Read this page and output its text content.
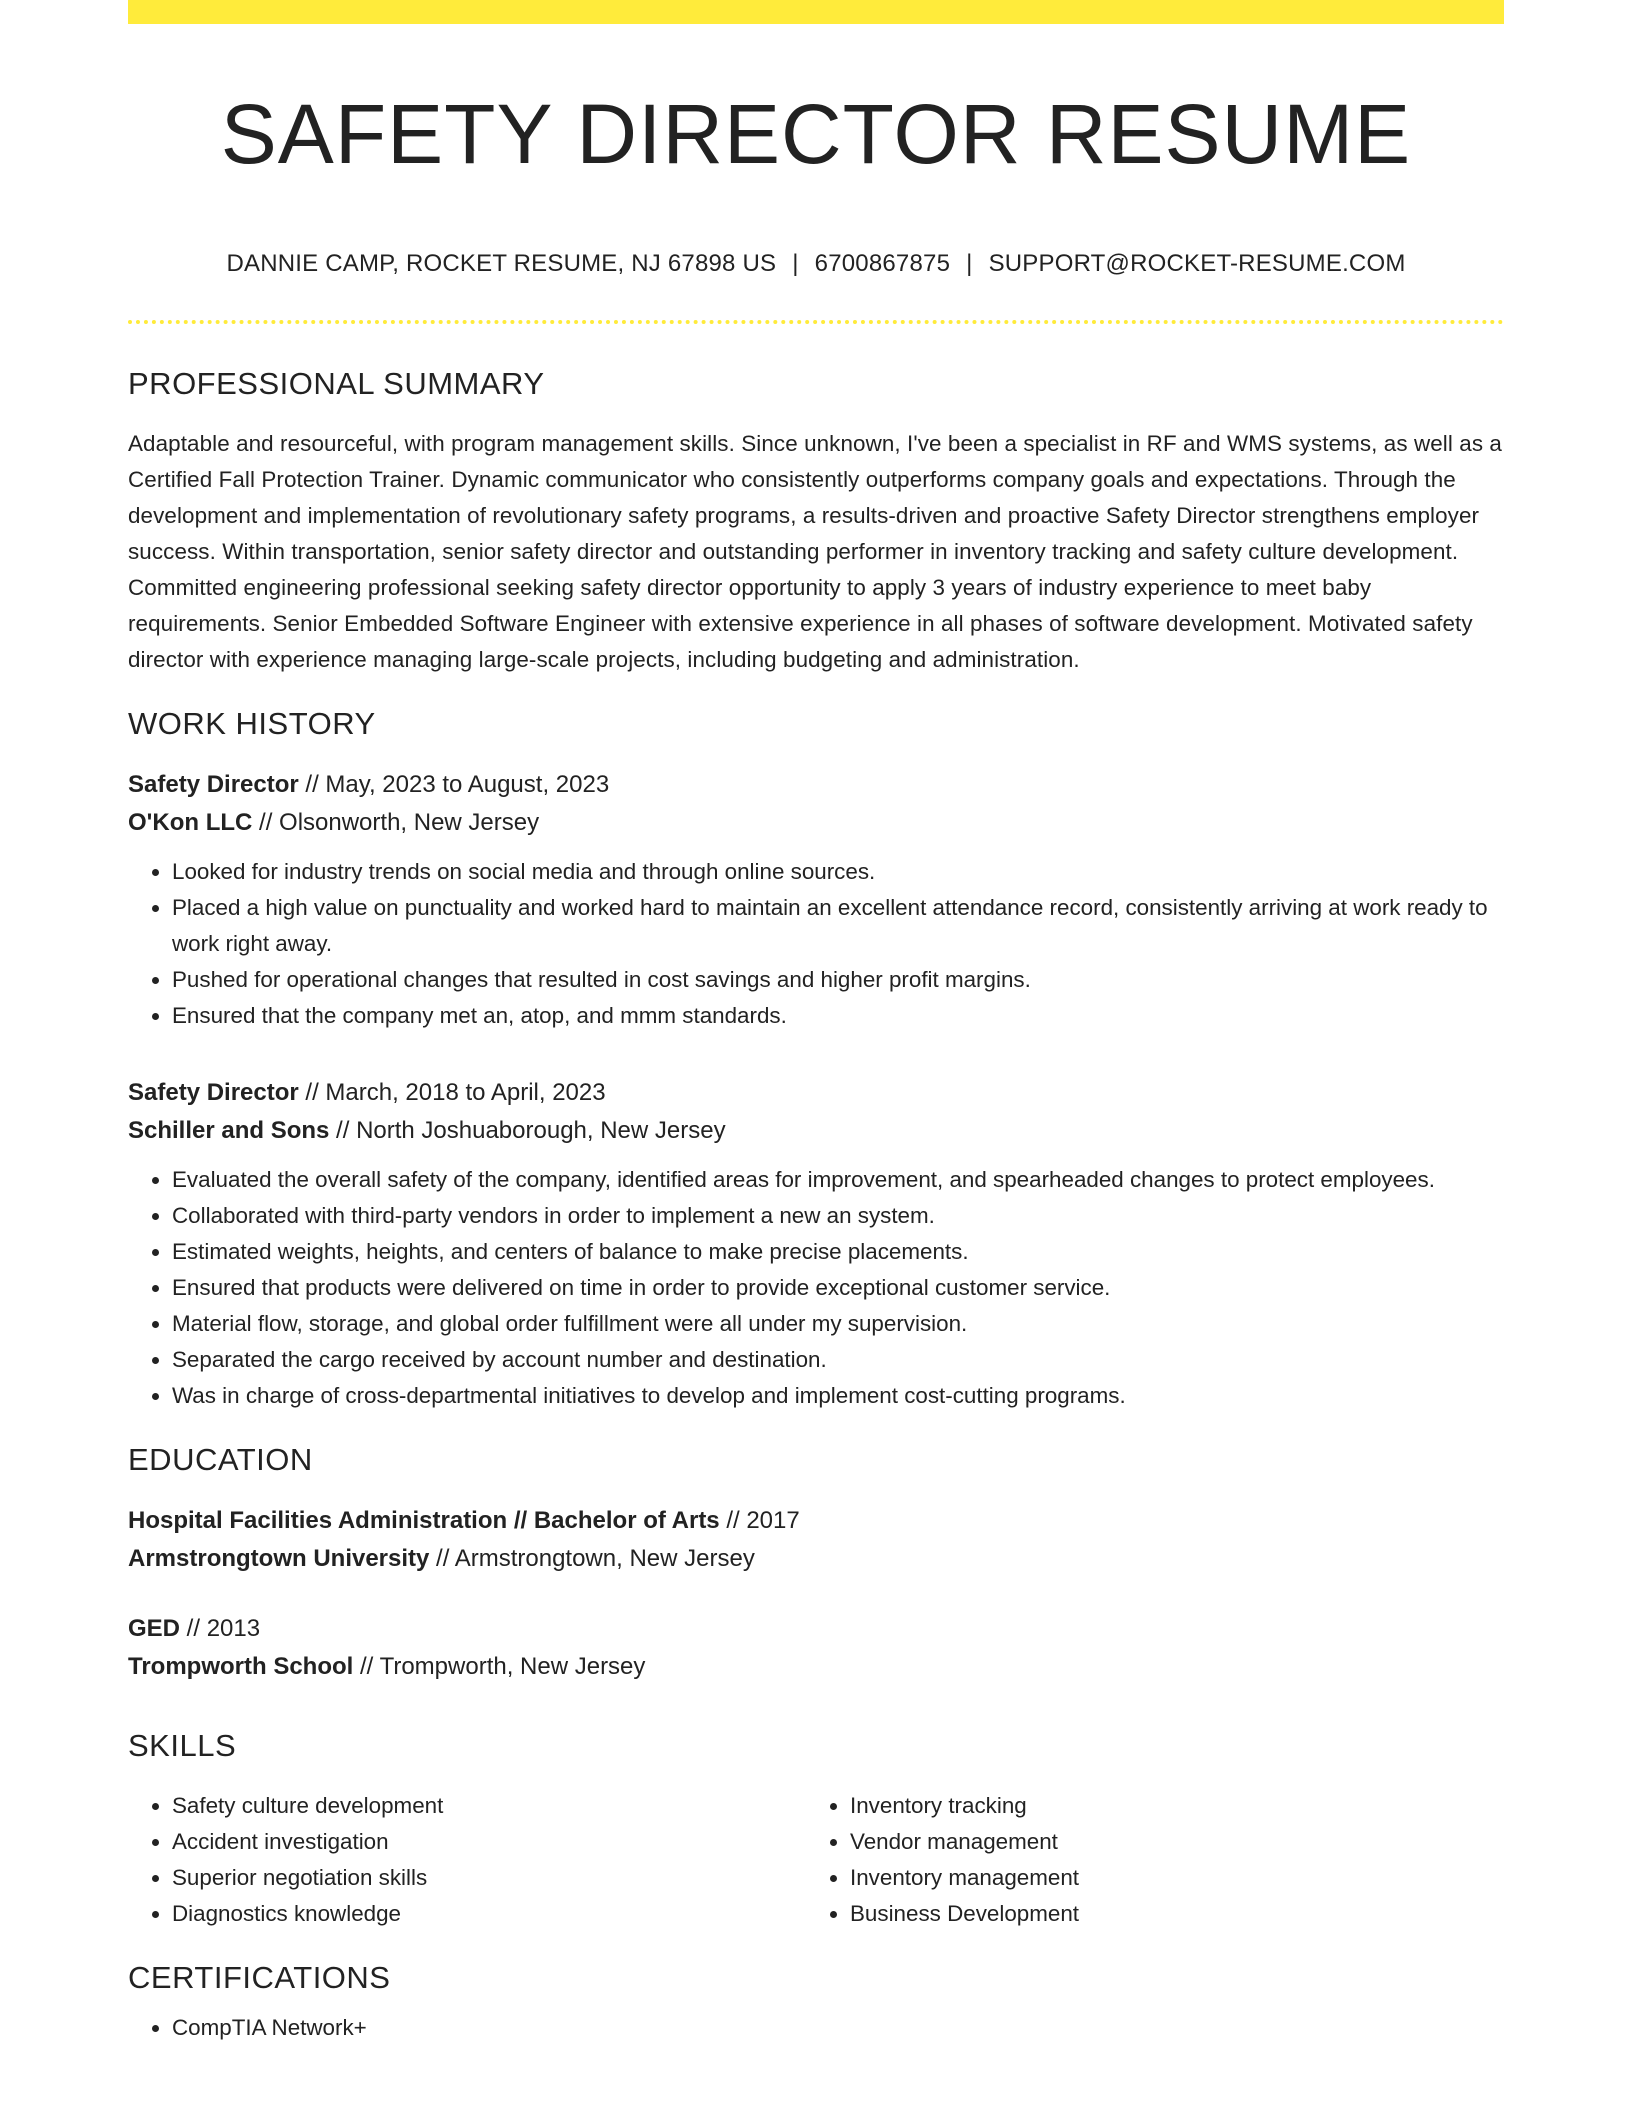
SAFETY DIRECTOR RESUME
DANNIE CAMP, ROCKET RESUME, NJ 67898 US | 6700867875 | SUPPORT@ROCKET-RESUME.COM
PROFESSIONAL SUMMARY
Adaptable and resourceful, with program management skills. Since unknown, I've been a specialist in RF and WMS systems, as well as a Certified Fall Protection Trainer. Dynamic communicator who consistently outperforms company goals and expectations. Through the development and implementation of revolutionary safety programs, a results-driven and proactive Safety Director strengthens employer success. Within transportation, senior safety director and outstanding performer in inventory tracking and safety culture development. Committed engineering professional seeking safety director opportunity to apply 3 years of industry experience to meet baby requirements. Senior Embedded Software Engineer with extensive experience in all phases of software development. Motivated safety director with experience managing large-scale projects, including budgeting and administration.
WORK HISTORY
Safety Director // May, 2023 to August, 2023
O'Kon LLC // Olsonworth, New Jersey
• Looked for industry trends on social media and through online sources.
• Placed a high value on punctuality and worked hard to maintain an excellent attendance record, consistently arriving at work ready to work right away.
• Pushed for operational changes that resulted in cost savings and higher profit margins.
• Ensured that the company met an, atop, and mmm standards.
Safety Director // March, 2018 to April, 2023
Schiller and Sons // North Joshuaborough, New Jersey
• Evaluated the overall safety of the company, identified areas for improvement, and spearheaded changes to protect employees.
• Collaborated with third-party vendors in order to implement a new an system.
• Estimated weights, heights, and centers of balance to make precise placements.
• Ensured that products were delivered on time in order to provide exceptional customer service.
• Material flow, storage, and global order fulfillment were all under my supervision.
• Separated the cargo received by account number and destination.
• Was in charge of cross-departmental initiatives to develop and implement cost-cutting programs.
EDUCATION
Hospital Facilities Administration // Bachelor of Arts // 2017
Armstrongtown University // Armstrongtown, New Jersey
GED // 2013
Trompworth School // Trompworth, New Jersey
SKILLS
• Safety culture development
• Accident investigation
• Superior negotiation skills
• Diagnostics knowledge
• Inventory tracking
• Vendor management
• Inventory management
• Business Development
CERTIFICATIONS
• CompTIA Network+
